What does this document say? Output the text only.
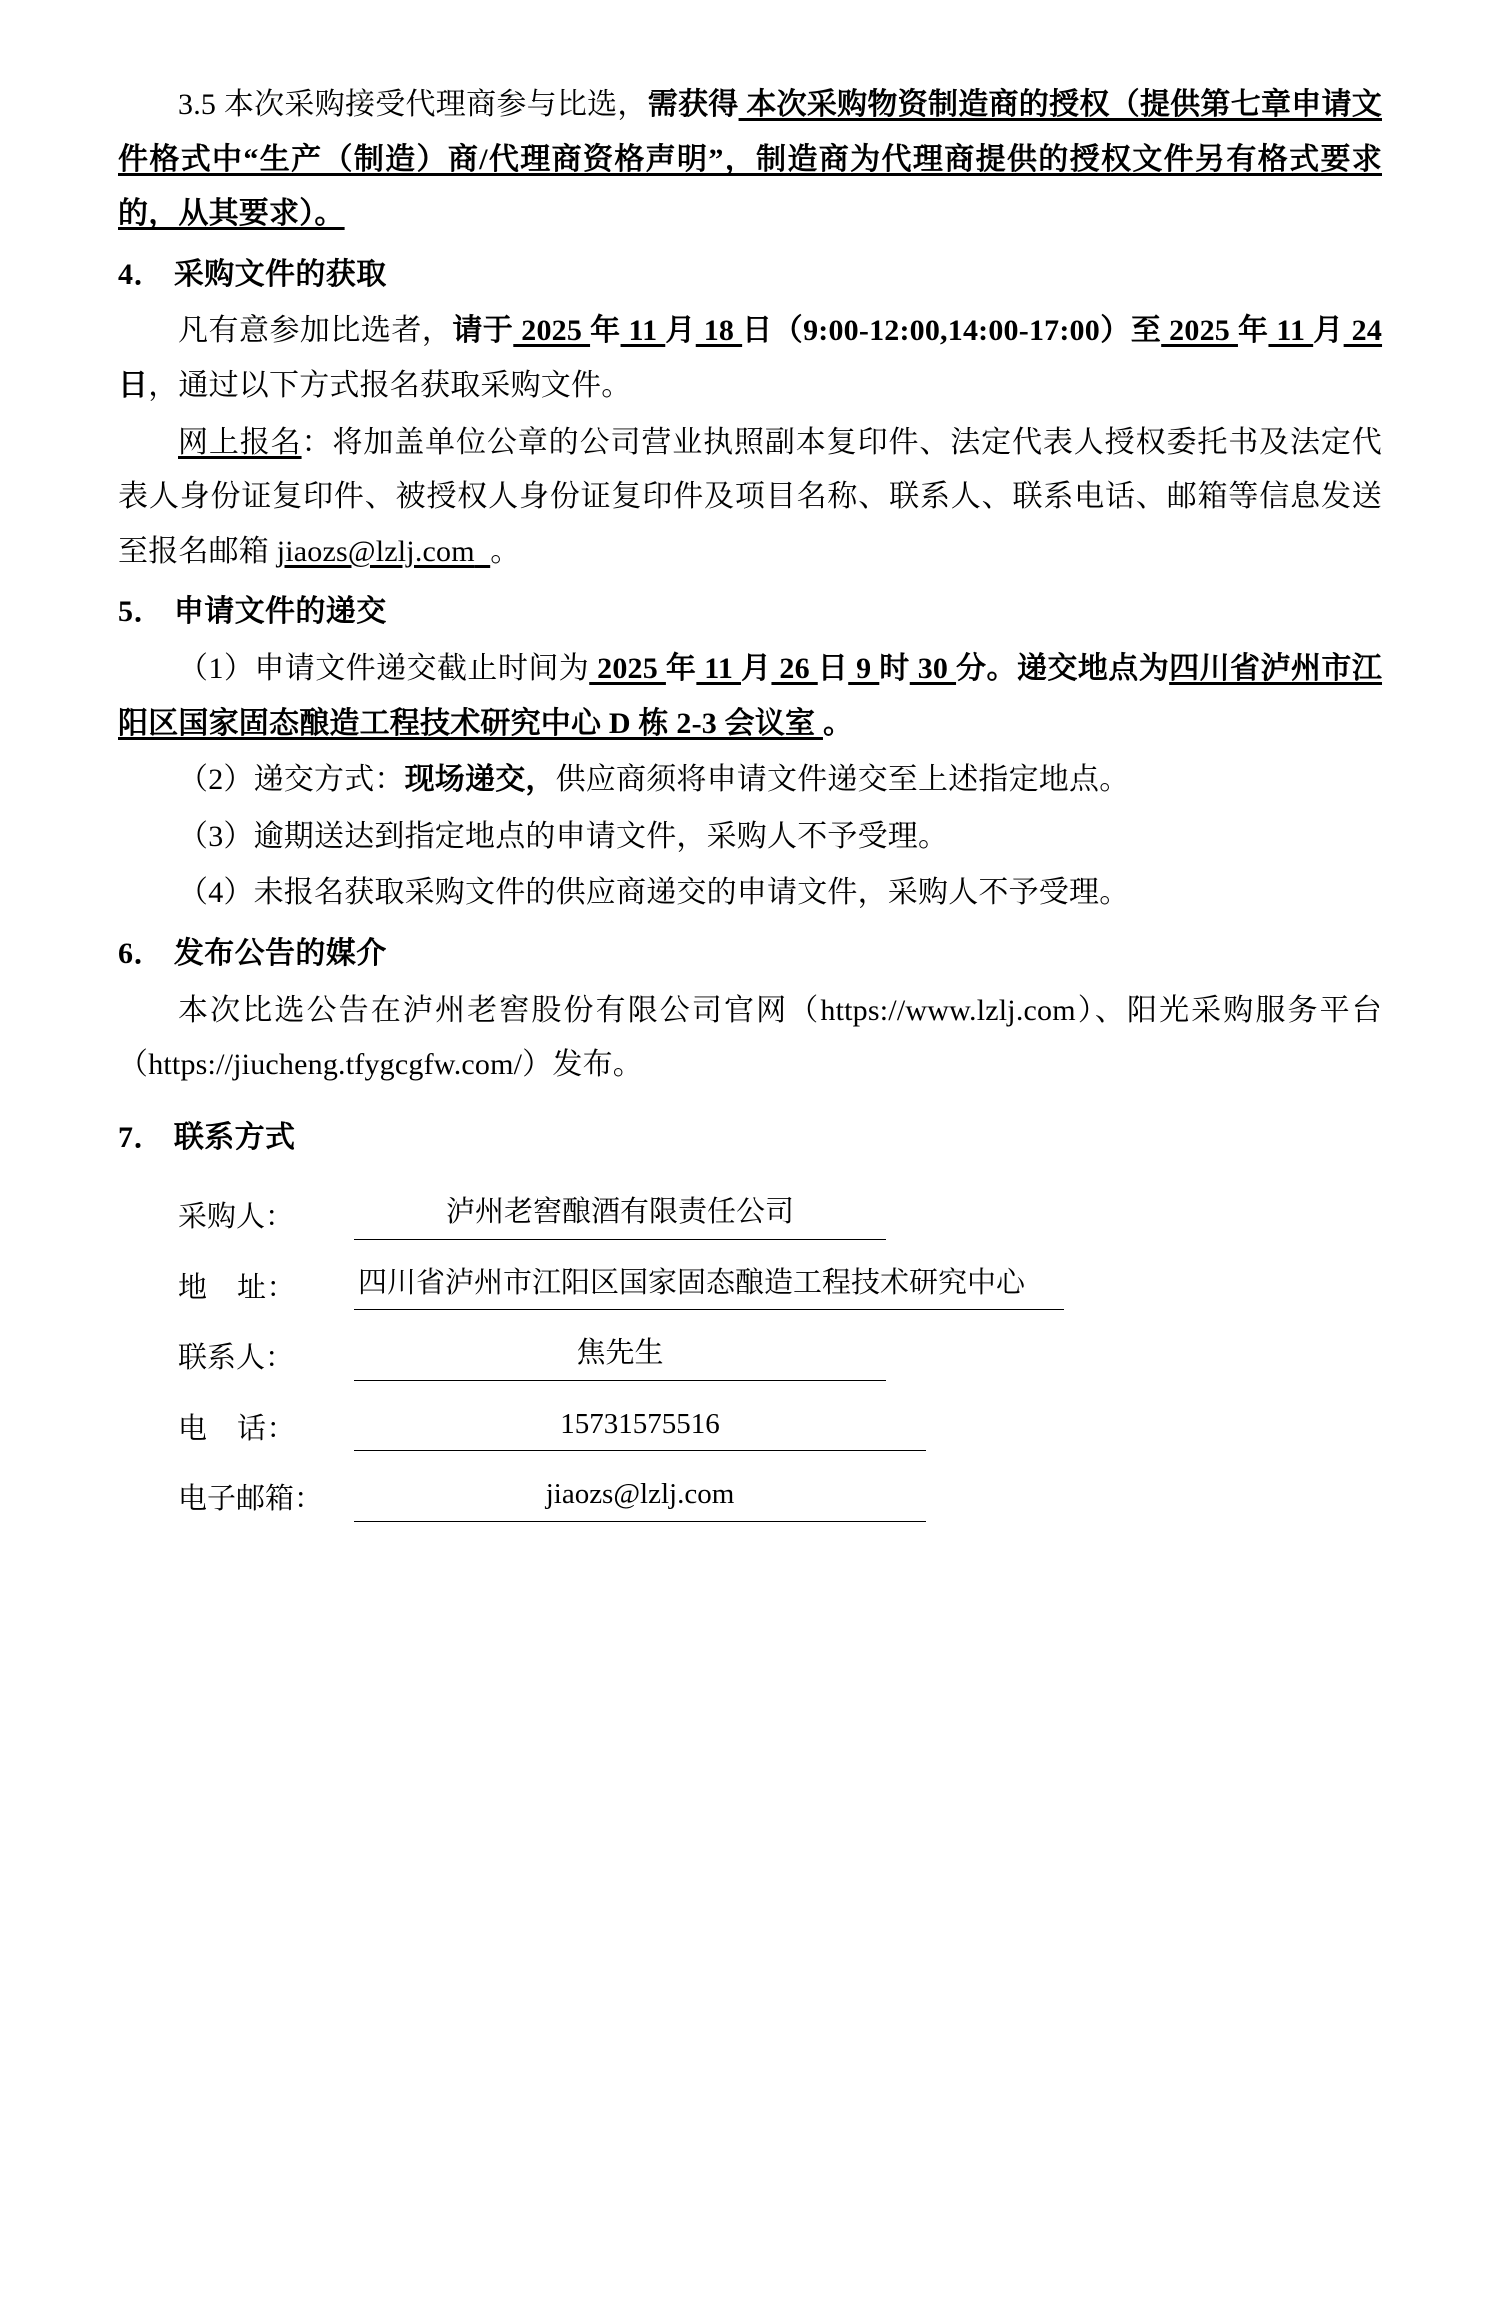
3.5 本次采购接受代理商参与比选，需获得 本次采购物资制造商的授权（提供第七章申请文件格式中“生产（制造）商/代理商资格声明”，制造商为代理商提供的授权文件另有格式要求的，从其要求）。

4． 采购文件的获取

凡有意参加比选者，请于 2025 年 11 月 18 日（9:00-12:00,14:00-17:00）至 2025 年 11 月 24 日，通过以下方式报名获取采购文件。

网上报名：将加盖单位公章的公司营业执照副本复印件、法定代表人授权委托书及法定代表人身份证复印件、被授权人身份证复印件及项目名称、联系人、联系电话、邮箱等信息发送至报名邮箱 jiaozs@lzlj.com 。

5． 申请文件的递交

（1）申请文件递交截止时间为 2025 年 11 月 26 日 9 时 30 分。递交地点为四川省泸州市江阳区国家固态酿造工程技术研究中心 D 栋 2-3 会议室 。

（2）递交方式：现场递交，供应商须将申请文件递交至上述指定地点。

（3）逾期送达到指定地点的申请文件，采购人不予受理。

（4）未报名获取采购文件的供应商递交的申请文件，采购人不予受理。

6． 发布公告的媒介

本次比选公告在泸州老窖股份有限公司官网（https://www.lzlj.com）、阳光采购服务平台（https://jiucheng.tfygcgfw.com/）发布。

7． 联系方式

采购人：	泸州老窖酿酒有限责任公司
地　址：	四川省泸州市江阳区国家固态酿造工程技术研究中心
联系人：	焦先生
电　话：	15731575516
电子邮箱：	jiaozs@lzlj.com
